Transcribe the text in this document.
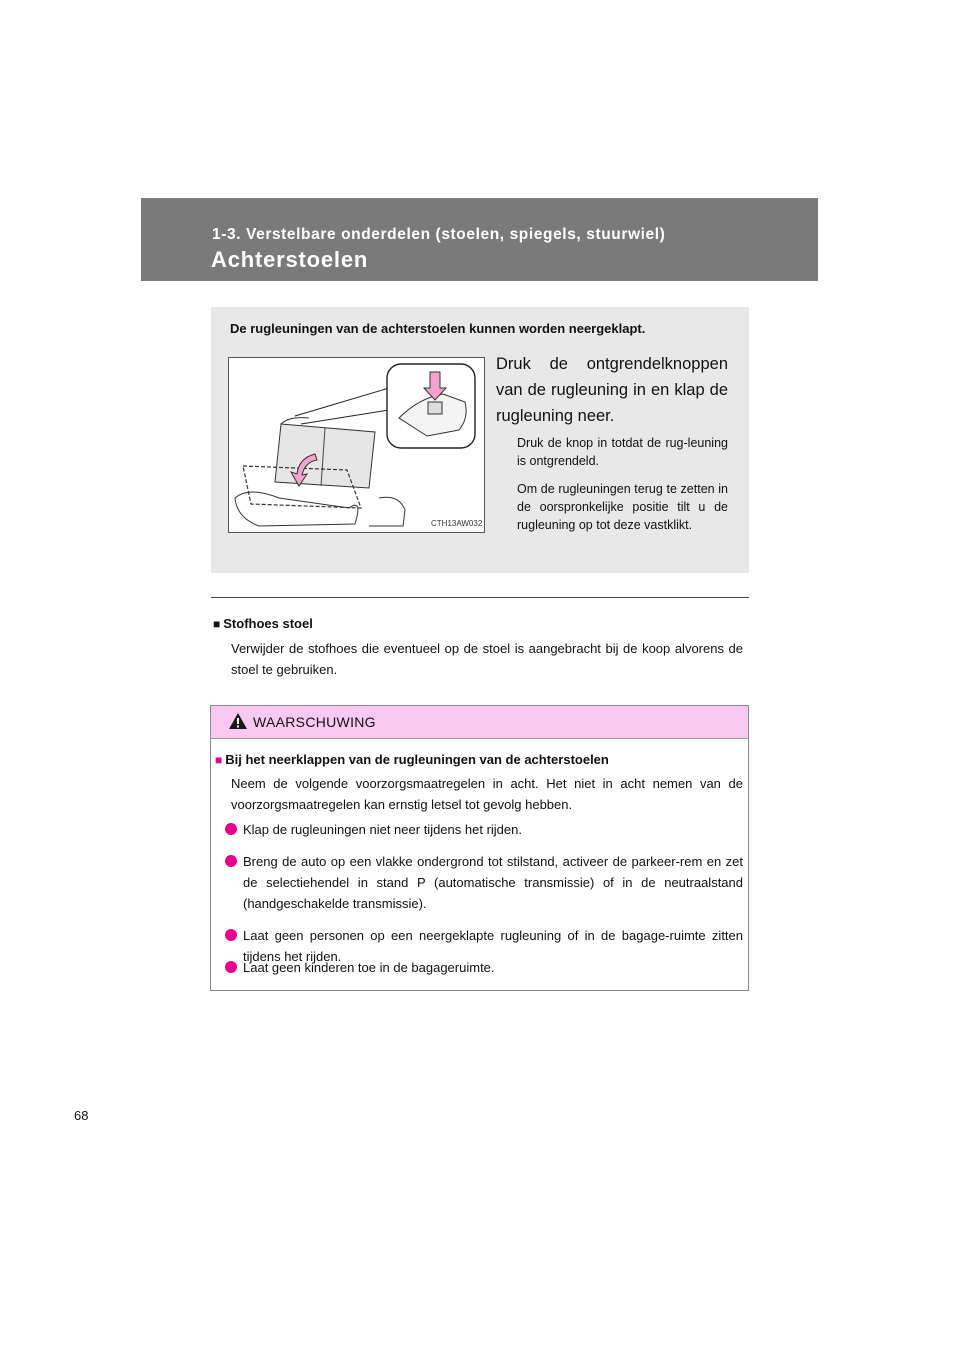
1-3. Verstelbare onderdelen (stoelen, spiegels, stuurwiel)
Achterstoelen
De rugleuningen van de achterstoelen kunnen worden neergeklapt.
CTH13AW032
Druk de ontgrendelknoppen van de rugleuning in en klap de rugleuning neer.
Druk de knop in totdat de rug-leuning is ontgrendeld.
Om de rugleuningen terug te zetten in de oorspronkelijke positie tilt u de rugleuning op tot deze vastklikt.
■ Stofhoes stoel
Verwijder de stofhoes die eventueel op de stoel is aangebracht bij de koop alvorens de stoel te gebruiken.
WAARSCHUWING
■ Bij het neerklappen van de rugleuningen van de achterstoelen
Neem de volgende voorzorgsmaatregelen in acht. Het niet in acht nemen van de voorzorgsmaatregelen kan ernstig letsel tot gevolg hebben.
Klap de rugleuningen niet neer tijdens het rijden.
Breng de auto op een vlakke ondergrond tot stilstand, activeer de parkeer-rem en zet de selectiehendel in stand P (automatische transmissie) of in de neutraalstand (handgeschakelde transmissie).
Laat geen personen op een neergeklapte rugleuning of in de bagage-ruimte zitten tijdens het rijden.
Laat geen kinderen toe in de bagageruimte.
68
